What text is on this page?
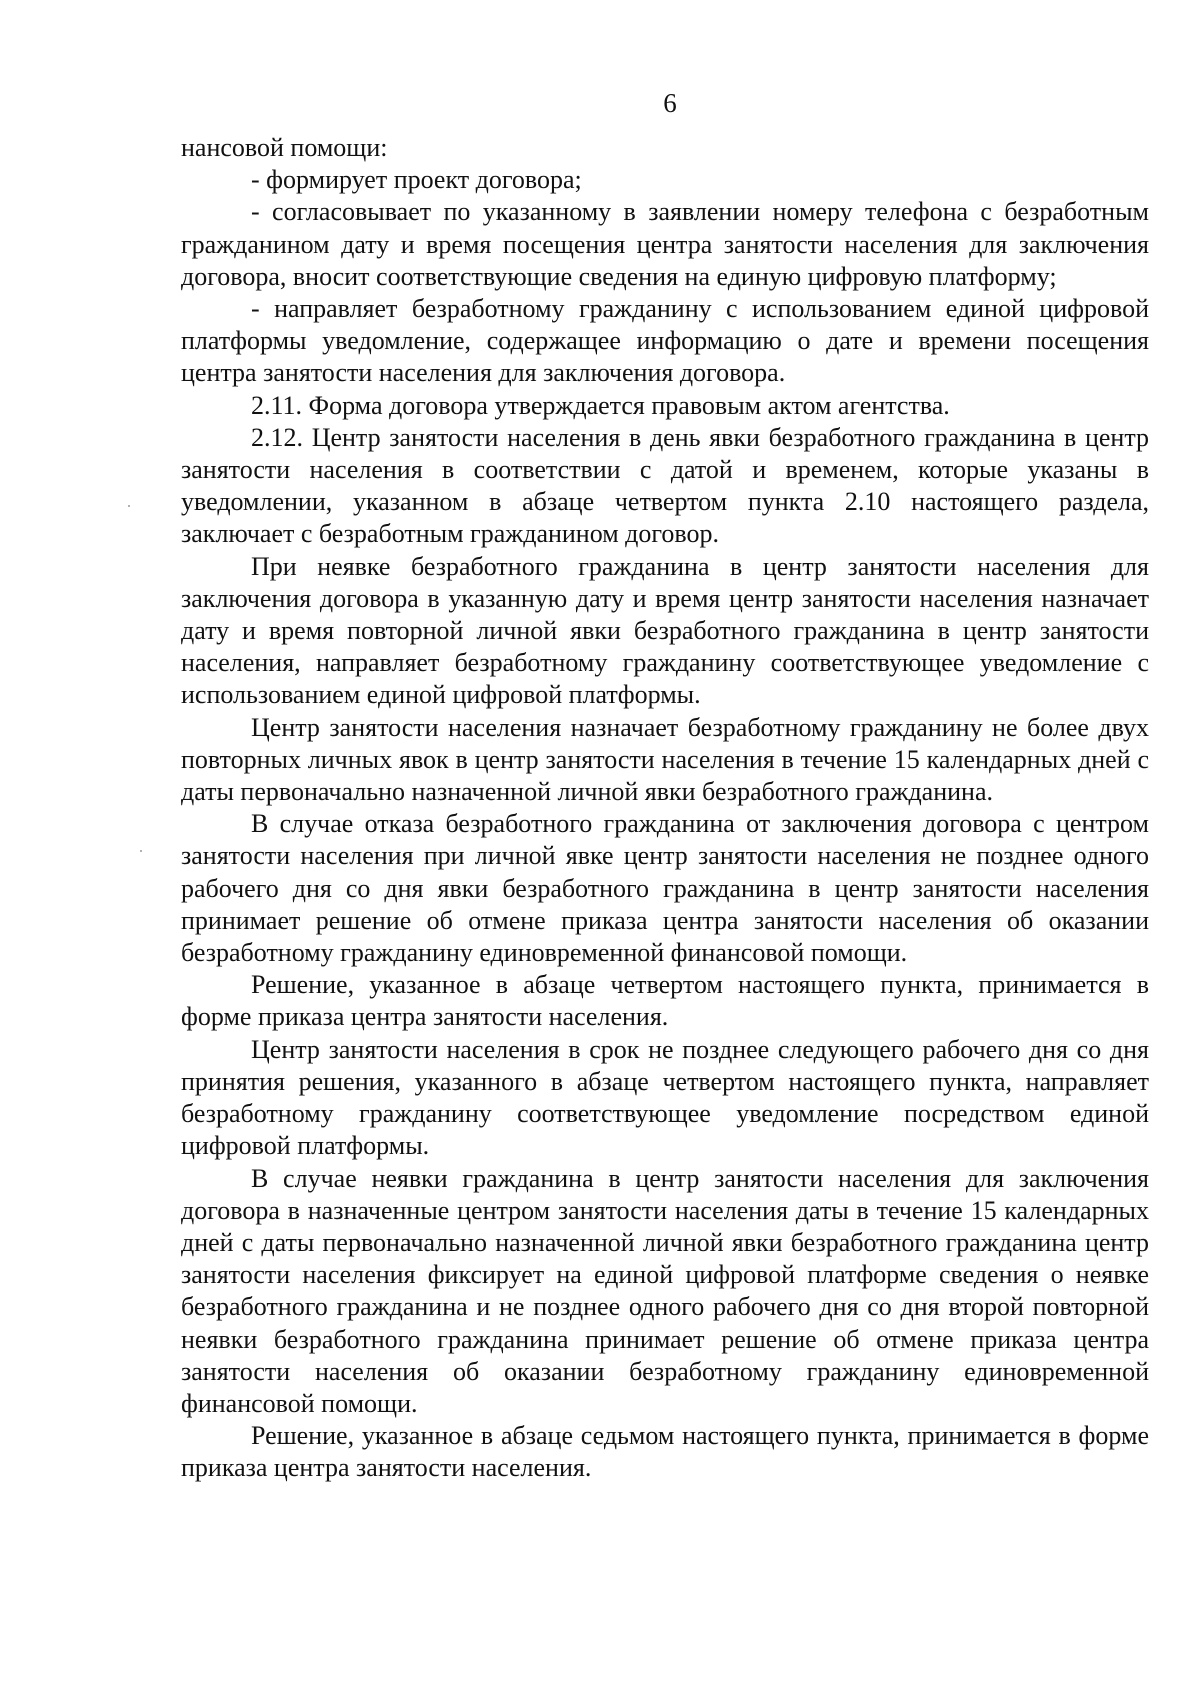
6

нансовой помощи:

- формирует проект договора;

- согласовывает по указанному в заявлении номеру телефона с безработным гражданином дату и время посещения центра занятости населения для заключения договора, вносит соответствующие сведения на единую цифровую платформу;

- направляет безработному гражданину с использованием единой цифровой платформы уведомление, содержащее информацию о дате и времени посещения центра занятости населения для заключения договора.

2.11. Форма договора утверждается правовым актом агентства.

2.12. Центр занятости населения в день явки безработного гражданина в центр занятости населения в соответствии с датой и временем, которые указаны в уведомлении, указанном в абзаце четвертом пункта 2.10 настоящего раздела, заключает с безработным гражданином договор.

При неявке безработного гражданина в центр занятости населения для заключения договора в указанную дату и время центр занятости населения назначает дату и время повторной личной явки безработного гражданина в центр занятости населения, направляет безработному гражданину соответствующее уведомление с использованием единой цифровой платформы.

Центр занятости населения назначает безработному гражданину не более двух повторных личных явок в центр занятости населения в течение 15 календарных дней с даты первоначально назначенной личной явки безработного гражданина.

В случае отказа безработного гражданина от заключения договора с центром занятости населения при личной явке центр занятости населения не позднее одного рабочего дня со дня явки безработного гражданина в центр занятости населения принимает решение об отмене приказа центра занятости населения об оказании безработному гражданину единовременной финансовой помощи.

Решение, указанное в абзаце четвертом настоящего пункта, принимается в форме приказа центра занятости населения.

Центр занятости населения в срок не позднее следующего рабочего дня со дня принятия решения, указанного в абзаце четвертом настоящего пункта, направляет безработному гражданину соответствующее уведомление посредством единой цифровой платформы.

В случае неявки гражданина в центр занятости населения для заключения договора в назначенные центром занятости населения даты в течение 15 календарных дней с даты первоначально назначенной личной явки безработного гражданина центр занятости населения фиксирует на единой цифровой платформе сведения о неявке безработного гражданина и не позднее одного рабочего дня со дня второй повторной неявки безработного гражданина принимает решение об отмене приказа центра занятости населения об оказании безработному гражданину единовременной финансовой помощи.

Решение, указанное в абзаце седьмом настоящего пункта, принимается в форме приказа центра занятости населения.
